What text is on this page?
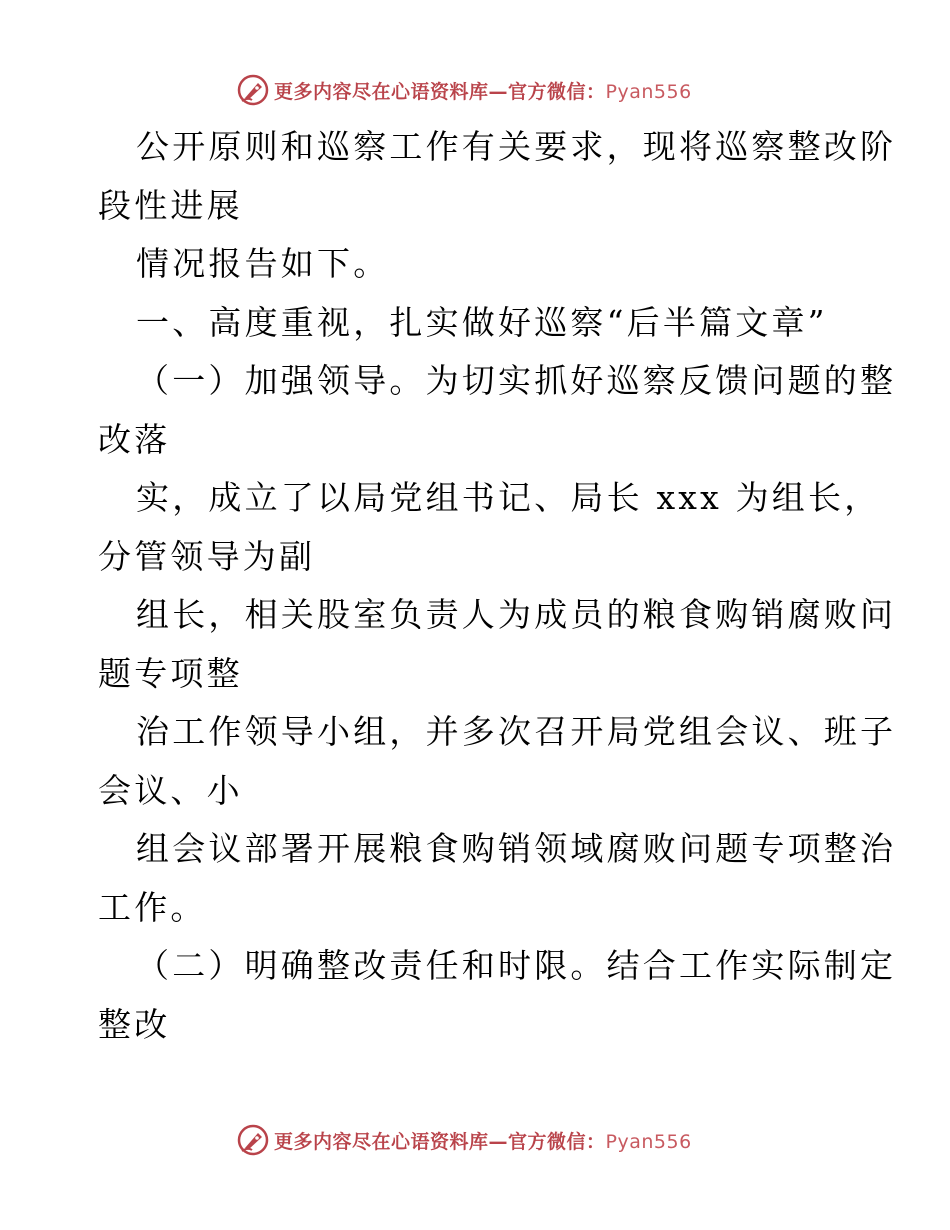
更多内容尽在心语资料库—官方微信：Pyan556
公开原则和巡察工作有关要求，现将巡察整改阶
段性进展
情况报告如下。
一、高度重视，扎实做好巡察“后半篇文章”
（一）加强领导。为切实抓好巡察反馈问题的整
改落
实，成立了以局党组书记、局长 xxx 为组长，
分管领导为副
组长，相关股室负责人为成员的粮食购销腐败问
题专项整
治工作领导小组，并多次召开局党组会议、班子
会议、小
组会议部署开展粮食购销领域腐败问题专项整治
工作。
（二）明确整改责任和时限。结合工作实际制定
整改
更多内容尽在心语资料库—官方微信：Pyan556
